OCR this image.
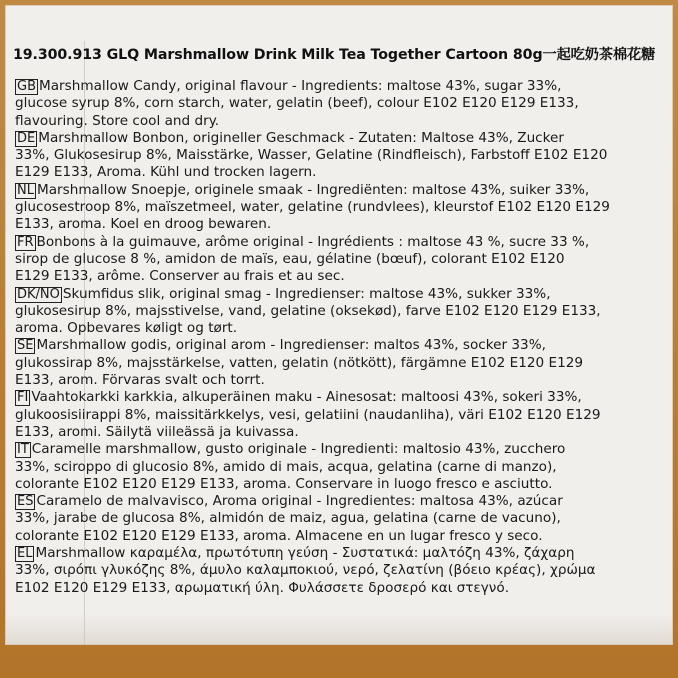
19.300.913 GLQ Marshmallow Drink Milk Tea Together Cartoon 80g一起吃奶茶棉花糖
GB Marshmallow Candy, original flavour - Ingredients: maltose 43%, sugar 33%,
glucose syrup 8%, corn starch, water, gelatin (beef), colour E102 E120 E129 E133,
flavouring. Store cool and dry.
DE Marshmallow Bonbon, origineller Geschmack - Zutaten: Maltose 43%, Zucker
33%, Glukosesirup 8%, Maisstärke, Wasser, Gelatine (Rindfleisch), Farbstoff E102 E120
E129 E133, Aroma. Kühl und trocken lagern.
NL Marshmallow Snoepje, originele smaak - Ingrediënten: maltose 43%, suiker 33%,
glucosestroop 8%, maïszetmeel, water, gelatine (rundvlees), kleurstof E102 E120 E129
E133, aroma. Koel en droog bewaren.
FR Bonbons à la guimauve, arôme original - Ingrédients : maltose 43 %, sucre 33 %,
sirop de glucose 8 %, amidon de maïs, eau, gélatine (bœuf), colorant E102 E120
E129 E133, arôme. Conserver au frais et au sec.
DK/NO Skumfidus slik, original smag - Ingredienser: maltose 43%, sukker 33%,
glukosesirup 8%, majsstivelse, vand, gelatine (oksekød), farve E102 E120 E129 E133,
aroma. Opbevares køligt og tørt.
SE Marshmallow godis, original arom - Ingredienser: maltos 43%, socker 33%,
glukossirap 8%, majsstärkelse, vatten, gelatin (nötkött), färgämne E102 E120 E129
E133, arom. Förvaras svalt och torrt.
FI Vaahtokarkki karkkia, alkuperäinen maku - Ainesosat: maltoosi 43%, sokeri 33%,
glukoosisiirappi 8%, maissitärkkelys, vesi, gelatiini (naudanliha), väri E102 E120 E129
E133, aromi. Säilytä viileässä ja kuivassa.
IT Caramelle marshmallow, gusto originale - Ingredienti: maltosio 43%, zucchero
33%, sciroppo di glucosio 8%, amido di mais, acqua, gelatina (carne di manzo),
colorante E102 E120 E129 E133, aroma. Conservare in luogo fresco e asciutto.
ES Caramelo de malvavisco, Aroma original - Ingredientes: maltosa 43%, azúcar
33%, jarabe de glucosa 8%, almidón de maiz, agua, gelatina (carne de vacuno),
colorante E102 E120 E129 E133, aroma. Almacene en un lugar fresco y seco.
EL Marshmallow καραμέλα, πρωτότυπη γεύση - Συστατικά: μαλτόζη 43%, ζάχαρη
33%, σιρόπι γλυκόζης 8%, άμυλο καλαμποκιού, νερό, ζελατίνη (βόειο κρέας), χρώμα
E102 E120 E129 E133, αρωματική ύλη. Φυλάσσετε δροσερό και στεγνό.
